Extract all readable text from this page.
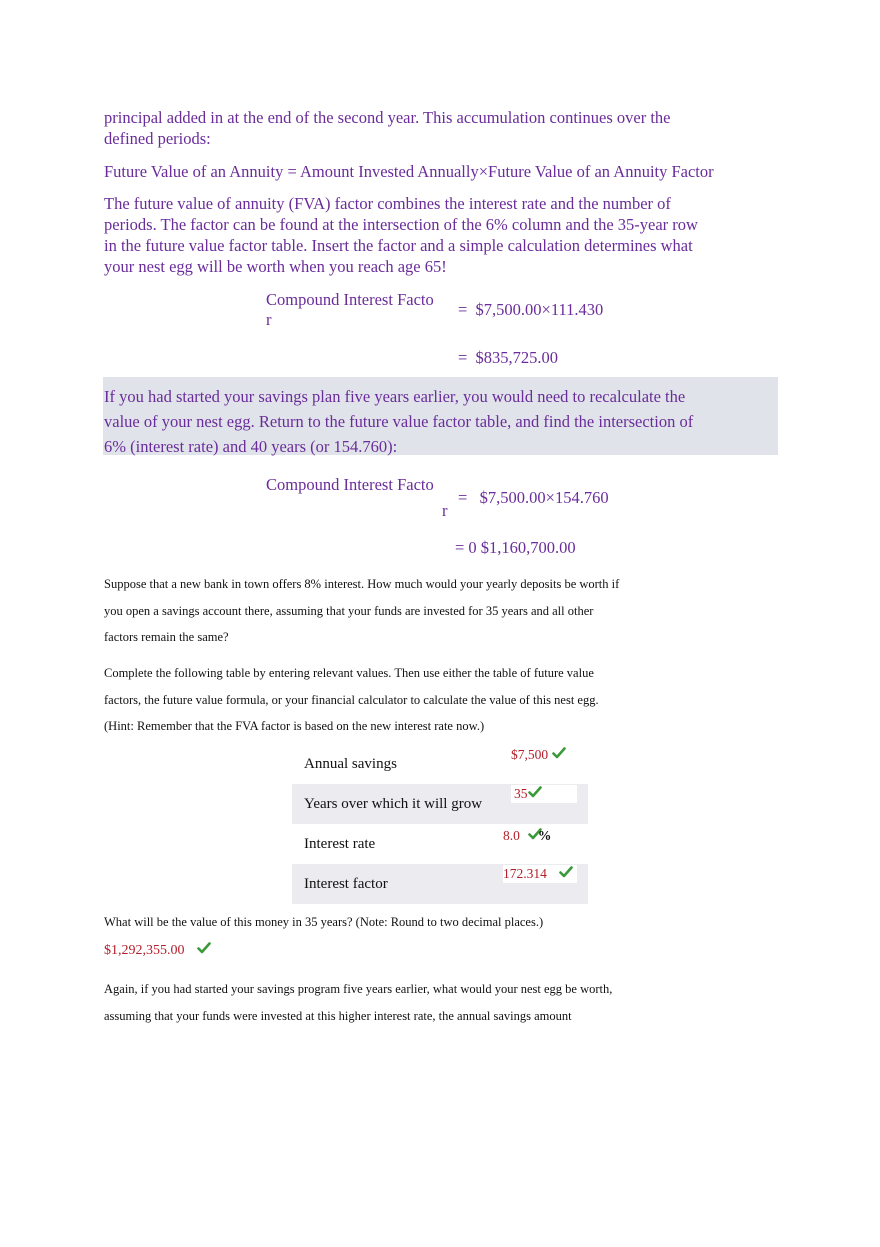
principal added in at the end of the second year. This accumulation continues over the
defined periods:
Future Value of an Annuity = Amount Invested Annually×Future Value of an Annuity Factor
The future value of annuity (FVA) factor combines the interest rate and the number of
periods. The factor can be found at the intersection of the 6% column and the 35-year row
in the future value factor table. Insert the factor and a simple calculation determines what
your nest egg will be worth when you reach age 65!
Compound Interest Facto
r
=  $7,500.00×111.430
=  $835,725.00

If you had started your savings plan five years earlier, you would need to recalculate the
value of your nest egg. Return to the future value factor table, and find the intersection of
6% (interest rate) and 40 years (or 154.760):

Compound Interest Facto
r
=   $7,500.00×154.760
= 0 $1,160,700.00
Suppose that a new bank in town offers 8% interest. How much would your yearly deposits be worth if
you open a savings account there, assuming that your funds are invested for 35 years and all other
factors remain the same?
Complete the following table by entering relevant values. Then use either the table of future value
factors, the future value formula, or your financial calculator to calculate the value of this nest egg.
(Hint: Remember that the FVA factor is based on the new interest rate now.)
Annual savings
$7,500
Years over which it will grow
35
Interest rate
8.0 %
Interest factor
172.314
What will be the value of this money in 35 years? (Note: Round to two decimal places.)
$1,292,355.00
Again, if you had started your savings program five years earlier, what would your nest egg be worth,
assuming that your funds were invested at this higher interest rate, the annual savings amount
